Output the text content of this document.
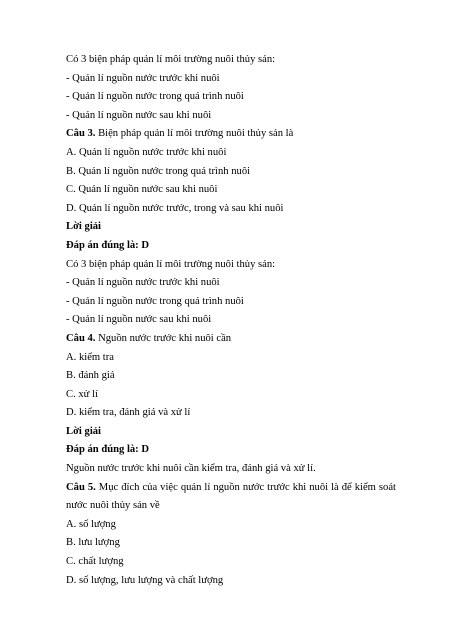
Có 3 biện pháp quản lí môi trường nuôi thủy sản:
- Quản lí nguồn nước trước khi nuôi
- Quản lí nguồn nước trong quá trình nuôi
- Quản lí nguồn nước sau khi nuôi
Câu 3. Biện pháp quản lí môi trường nuôi thủy sản là
A. Quản lí nguồn nước trước khi nuôi
B. Quản lí nguồn nước trong quá trình nuôi
C. Quản lí nguồn nước sau khi nuôi
D. Quản lí nguồn nước trước, trong và sau khi nuôi
Lời giải
Đáp án đúng là: D
Có 3 biện pháp quản lí môi trường nuôi thủy sản:
- Quản lí nguồn nước trước khi nuôi
- Quản lí nguồn nước trong quá trình nuôi
- Quản lí nguồn nước sau khi nuôi
Câu 4. Nguồn nước trước khi nuôi cần
A. kiểm tra
B. đánh giá
C. xử lí
D. kiểm tra, đánh giá và xử lí
Lời giải
Đáp án đúng là: D
Nguồn nước trước khi nuôi cần kiểm tra, đánh giá và xử lí.
Câu 5. Mục đích của việc quản lí nguồn nước trước khi nuôi là để kiểm soát nước nuôi thủy sản về
A. số lượng
B. lưu lượng
C. chất lượng
D. số lượng, lưu lượng và chất lượng
